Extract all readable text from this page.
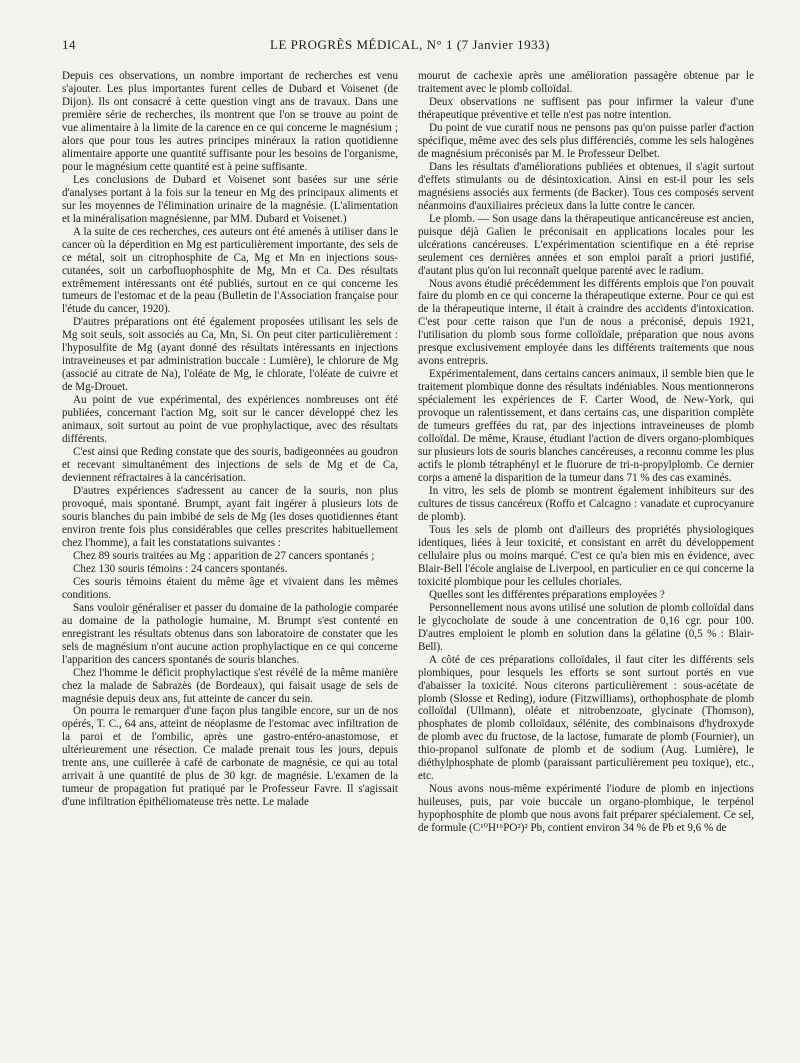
14	LE PROGRÈS MÉDICAL, N° 1 (7 Janvier 1933)

Depuis ces observations, un nombre important de recherches est venu s'ajouter. Les plus importantes furent celles de Dubard et Voisenet (de Dijon). Ils ont consacré à cette question vingt ans de travaux. Dans une première série de recherches, ils montrent que l'on se trouve au point de vue alimentaire à la limite de la carence en ce qui concerne le magnésium ; alors que pour tous les autres principes minéraux la ration quotidienne alimentaire apporte une quantité suffisante pour les besoins de l'organisme, pour le magnésium cette quantité est à peine suffisante.

Les conclusions de Dubard et Voisenet sont basées sur une série d'analyses portant à la fois sur la teneur en Mg des principaux aliments et sur les moyennes de l'élimination urinaire de la magnésie. (L'alimentation et la minéralisation magnésienne, par MM. Dubard et Voisenet.)

A la suite de ces recherches, ces auteurs ont été amenés à utiliser dans le cancer où la déperdition en Mg est particulièrement importante, des sels de ce métal, soit un citrophosphite de Ca, Mg et Mn en injections sous-cutanées, soit un carbofluophosphite de Mg, Mn et Ca. Des résultats extrêmement intéressants ont été publiés, surtout en ce qui concerne les tumeurs de l'estomac et de la peau (Bulletin de l'Association française pour l'étude du cancer, 1920).

D'autres préparations ont été également proposées utilisant les sels de Mg soit seuls, soit associés au Ca, Mn, Si. On peut citer particulièrement : l'hyposulfite de Mg (ayant donné des résultats intéressants en injections intraveineuses et par administration buccale : Lumière), le chlorure de Mg (associé au citrate de Na), l'oléate de Mg, le chlorate, l'oléate de cuivre et de Mg-Drouet.

Au point de vue expérimental, des expériences nombreuses ont été publiées, concernant l'action Mg, soit sur le cancer développé chez les animaux, soit surtout au point de vue prophylactique, avec des résultats différents.

C'est ainsi que Reding constate que des souris, badigeonnées au goudron et recevant simultanément des injections de sels de Mg et de Ca, deviennent réfractaires à la cancérisation.

D'autres expériences s'adressent au cancer de la souris, non plus provoqué, mais spontané. Brumpt, ayant fait ingérer à plusieurs lots de souris blanches du pain imbibé de sels de Mg (les doses quotidiennes étant environ trente fois plus considérables que celles prescrites habituellement chez l'homme), a fait les constatations suivantes :

Chez 89 souris traitées au Mg : apparition de 27 cancers spontanés ;

Chez 130 souris témoins : 24 cancers spontanés.

Ces souris témoins étaient du même âge et vivaient dans les mêmes conditions.

Sans vouloir généraliser et passer du domaine de la pathologie comparée au domaine de la pathologie humaine, M. Brumpt s'est contenté en enregistrant les résultats obtenus dans son laboratoire de constater que les sels de magnésium n'ont aucune action prophylactique en ce qui concerne l'apparition des cancers spontanés de souris blanches.

Chez l'homme le déficit prophylactique s'est révélé de la même manière chez la malade de Sabrazès (de Bordeaux), qui faisait usage de sels de magnésie depuis deux ans, fut atteinte de cancer du sein.

On pourra le remarquer d'une façon plus tangible encore, sur un de nos opérés, T. C., 64 ans, atteint de néoplasme de l'estomac avec infiltration de la paroi et de l'ombilic, après une gastro-entéro-anastomose, et ultérieurement une résection. Ce malade prenait tous les jours, depuis trente ans, une cuillerée à café de carbonate de magnésie, ce qui au total arrivait à une quantité de plus de 30 kgr. de magnésie. L'examen de la tumeur de propagation fut pratiqué par le Professeur Favre. Il s'agissait d'une infiltration épithéliomateuse très nette. Le malade

mourut de cachexie après une amélioration passagère obtenue par le traitement avec le plomb colloïdal.

Deux observations ne suffisent pas pour infirmer la valeur d'une thérapeutique préventive et telle n'est pas notre intention.

Du point de vue curatif nous ne pensons pas qu'on puisse parler d'action spécifique, même avec des sels plus différenciés, comme les sels halogènes de magnésium préconisés par M. le Professeur Delbet.

Dans les résultats d'améliorations publiées et obtenues, il s'agit surtout d'effets stimulants ou de désintoxication. Ainsi en est-il pour les sels magnésiens associés aux ferments (de Backer). Tous ces composés servent néanmoins d'auxiliaires précieux dans la lutte contre le cancer.

Le plomb. — Son usage dans la thérapeutique anticancéreuse est ancien, puisque déjà Galien le préconisait en applications locales pour les ulcérations cancéreuses. L'expérimentation scientifique en a été reprise seulement ces dernières années et son emploi paraît a priori justifié, d'autant plus qu'on lui reconnaît quelque parenté avec le radium.

Nous avons étudié précédemment les différents emplois que l'on pouvait faire du plomb en ce qui concerne la thérapeutique externe. Pour ce qui est de la thérapeutique interne, il était à craindre des accidents d'intoxication. C'est pour cette raison que l'un de nous a préconisé, depuis 1921, l'utilisation du plomb sous forme colloïdale, préparation que nous avons presque exclusivement employée dans les différents traitements que nous avons entrepris.

Expérimentalement, dans certains cancers animaux, il semble bien que le traitement plombique donne des résultats indéniables. Nous mentionnerons spécialement les expériences de F. Carter Wood, de New-York, qui provoque un ralentissement, et dans certains cas, une disparition complète de tumeurs greffées du rat, par des injections intraveineuses de plomb colloïdal. De même, Krause, étudiant l'action de divers organo-plombiques sur plusieurs lots de souris blanches cancéreuses, a reconnu comme les plus actifs le plomb tétraphényl et le fluorure de tri-n-propylplomb. Ce dernier corps a amené la disparition de la tumeur dans 71 % des cas examinés.

In vitro, les sels de plomb se montrent également inhibiteurs sur des cultures de tissus cancéreux (Roffo et Calcagno : vanadate et cuprocyanure de plomb).

Tous les sels de plomb ont d'ailleurs des propriétés physiologiques identiques, liées à leur toxicité, et consistant en arrêt du développement cellulaire plus ou moins marqué. C'est ce qu'a bien mis en évidence, avec Blair-Bell l'école anglaise de Liverpool, en particulier en ce qui concerne la toxicité plombique pour les cellules choriales.

Quelles sont les différentes préparations employées ?

Personnellement nous avons utilisé une solution de plomb colloïdal dans le glycocholate de soude à une concentration de 0,16 cgr. pour 100. D'autres emploient le plomb en solution dans la gélatine (0,5 % : Blair-Bell).

A côté de ces préparations colloïdales, il faut citer les différents sels plombiques, pour lesquels les efforts se sont surtout portés en vue d'abaisser la toxicité. Nous citerons particulièrement : sous-acétate de plomb (Slosse et Reding), iodure (Fitzwilliams), orthophosphate de plomb colloïdal (Ullmann), oléate et nitrobenzoate, glycinate (Thomson), phosphates de plomb colloïdaux, sélénite, des combinaisons d'hydroxyde de plomb avec du fructose, de la lactose, fumarate de plomb (Fournier), un thio-propanol sulfonate de plomb et de sodium (Aug. Lumière), le diéthylphosphate de plomb (paraissant particulièrement peu toxique), etc., etc.

Nous avons nous-même expérimenté l'iodure de plomb en injections huileuses, puis, par voie buccale un organo-plombique, le terpénol hypophosphite de plomb que nous avons fait préparer spécialement. Ce sel, de formule (C¹⁰H¹⁶PO²)² Pb, contient environ 34 % de Pb et 9,6 % de
